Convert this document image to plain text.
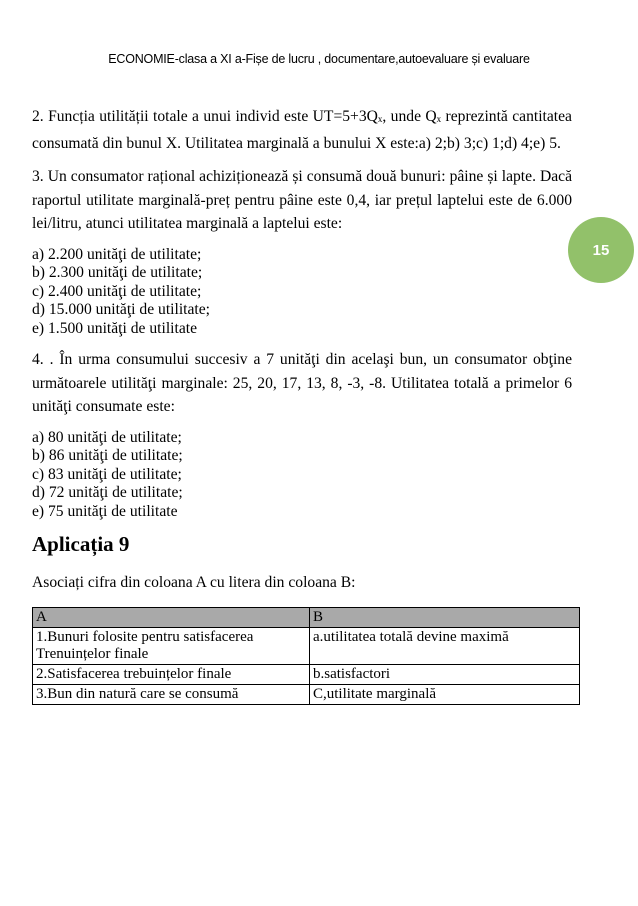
ECONOMIE-clasa a XI a-Fișe de lucru , documentare,autoevaluare și evaluare
15

2. Funcția utilității totale a unui individ este $UT=5+3Q_x$, unde $Q_x$ reprezintă cantitatea consumată din bunul X. Utilitatea marginală a bunului X este:a) 2;b) 3;c) 1;d) 4;e) 5.

3. Un consumator rațional achiziționează și consumă două bunuri: pâine și lapte. Dacă raportul utilitate marginală-preț pentru pâine este 0,4, iar prețul laptelui este de 6.000 lei/litru, atunci utilitatea marginală a laptelui este:

a) 2.200 unităţi de utilitate;
b) 2.300 unităţi de utilitate;
c) 2.400 unităţi de utilitate;
d) 15.000 unităţi de utilitate;
e) 1.500 unităţi de utilitate

4. . În urma consumului succesiv a 7 unităţi din acelaşi bun, un consumator obţine următoarele utilităţi marginale: 25, 20, 17, 13, 8, -3, -8. Utilitatea totală a primelor 6 unităţi consumate este:

a) 80 unităţi de utilitate;
b) 86 unităţi de utilitate;
c) 83 unităţi de utilitate;
d) 72 unităţi de utilitate;
e) 75 unităţi de utilitate
Aplicația 9
Asociați cifra din coloana A cu litera din coloana B:
A	B
1.Bunuri folosite pentru satisfacerea Trenuințelor finale	a.utilitatea totală devine maximă
2.Satisfacerea trebuințelor finale	b.satisfactori
3.Bun din natură care se consumă	C,utilitate marginală
